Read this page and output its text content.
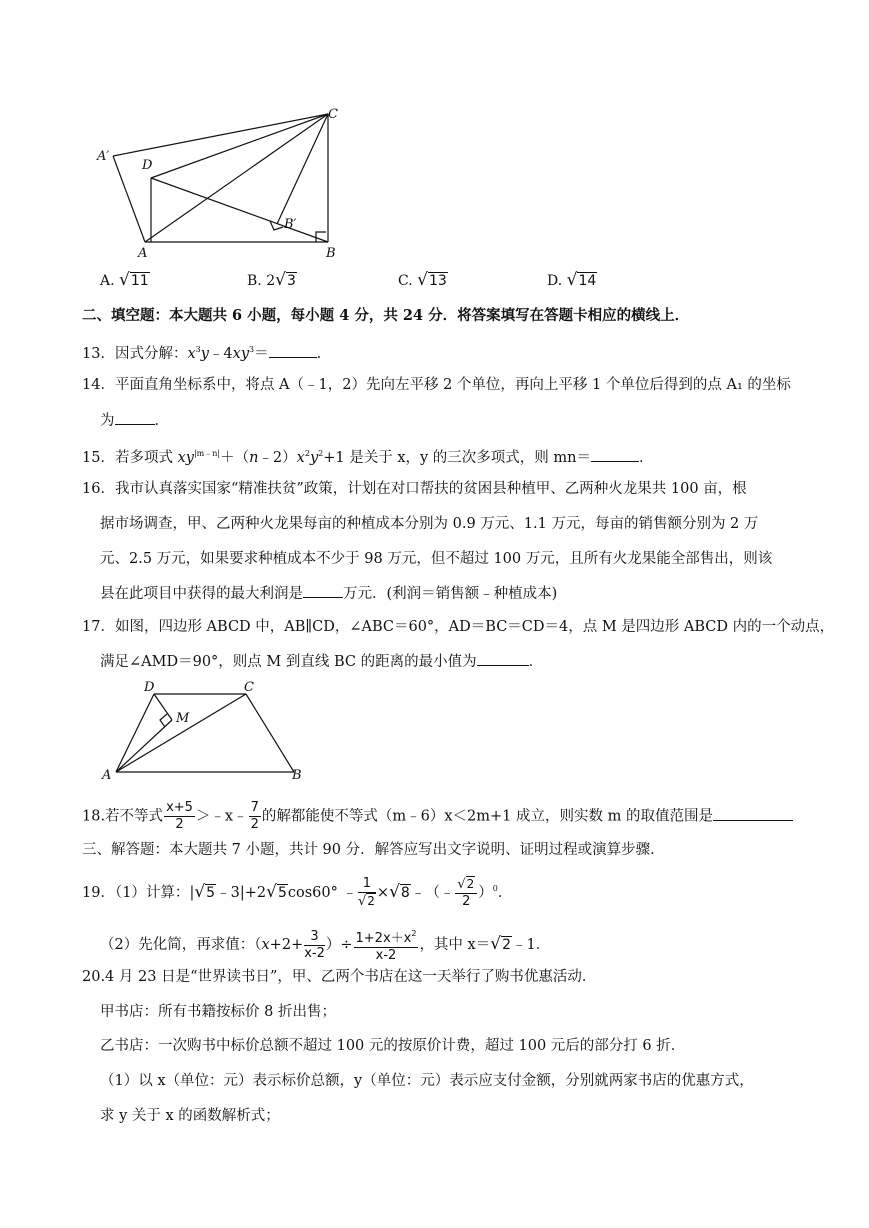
A′
D
C
B′
A	B
A. √11	B. 2√3	C. √13	D. √14
二、填空题：本大题共 6 小题，每小题 4 分，共 24 分．将答案填写在答题卡相应的横线上．
13．因式分解：$x^3y﹣4xy^3=$	．
14．平面直角坐标系中，将点 A（﹣1，2）先向左平移 2 个单位，再向上平移 1 个单位后得到的点 A₁ 的坐标
为	．
15．若多项式 $xy^{|m﹣n|}+(n﹣2)x^2y^2+1$ 是关于 x，y 的三次多项式，则 mn＝	．
16．我市认真落实国家“精准扶贫”政策，计划在对口帮扶的贫困县种植甲、乙两种火龙果共 100 亩，根
据市场调查，甲、乙两种火龙果每亩的种植成本分别为 0.9 万元、1.1 万元，每亩的销售额分别为 2 万
元、2.5 万元，如果要求种植成本不少于 98 万元，但不超过 100 万元，且所有火龙果能全部售出，则该
县在此项目中获得的最大利润是	万元．(利润＝销售额﹣种植成本)
17．如图，四边形 ABCD 中，AB∥CD，∠ABC＝60°，AD＝BC＝CD＝4，点 M 是四边形 ABCD 内的一个动点，
满足∠AMD＝90°，则点 M 到直线 BC 的距离的最小值为	．
D	C
M
A	B
18.若不等式 $\frac{x+5}{2}$ ＞﹣x﹣ $\frac{7}{2}$ 的解都能使不等式（m﹣6）x＜2m+1 成立，则实数 m 的取值范围是
三、解答题：本大题共 7 小题，共计 90 分．解答应写出文字说明、证明过程或演算步骤．
19．（1）计算：|√5﹣3|+2√5cos60° ﹣ $\frac{1}{√2}$ ×√8﹣（﹣ $\frac{√2}{2} )^0$．
（2）先化简，再求值：（$x+2+ \frac{3}{x-2}$ ）÷ $\frac{1+2x+x^2}{x-2}$ ，其中 x＝√2﹣1．
20.4 月 23 日是“世界读书日”，甲、乙两个书店在这一天举行了购书优惠活动．
甲书店：所有书籍按标价 8 折出售；
乙书店：一次购书中标价总额不超过 100 元的按原价计费，超过 100 元后的部分打 6 折．
（1）以 x（单位：元）表示标价总额，y（单位：元）表示应支付金额，分别就两家书店的优惠方式，
求 y 关于 x 的函数解析式；
